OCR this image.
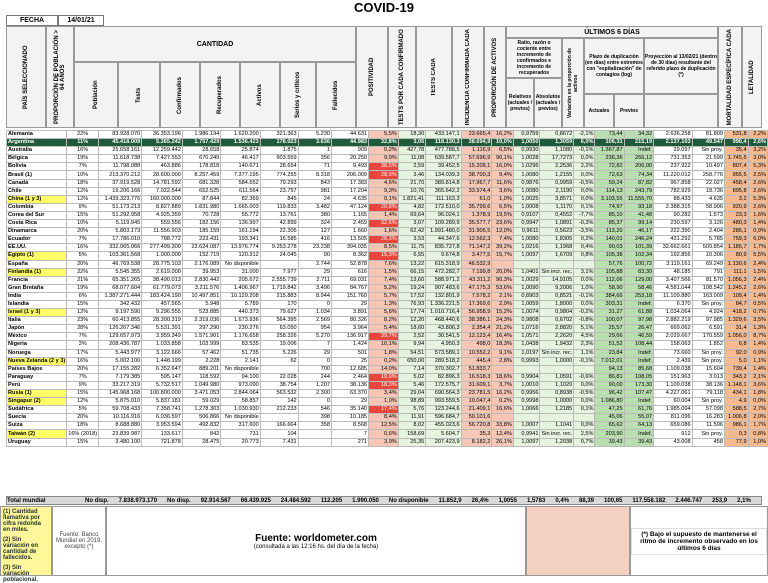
COVID-19
FECHA	14/01/21
PAÍS SELECCIONADO	PROPORCIÓN DE POBLACIÓN > 64 AÑOS
CANTIDAD
Población	Tests	Confirmados	Recuperados	Activos	Serios y críticos	Fallecidos	POSITIVIDAD	TESTS POR CADA CONFIRMADO	TESTS CADA	INCIDENCIA CONFIRMADA CADA	PROPORCIÓN DE ACTIVOS
ÚLTIMOS 6 DÍAS
Ratio, razón o cociente entre incremento de confirmados e incremento de recuperados
Relativos (actuales / previos)
Absolutos (actuales / previos)	Variación en la proporción de activos
Plazo de duplicación (en días) entre extremos con "espitalización" de contagios (log)
Actuales	Previos
Proyección al 13/02/21 (dentro de 30 días) resultante del referido plazo de duplicación (*)	MORTALIDAD ESPECÍFICA CADA	LETALIDAD
Alemania	22%	83.928.070	36.353.196	1.986.194	1.620.200	321.363	5.230	44.631	5,5%	18,30	433.147,1	23.665,4	16,2%	0,9759	0,8672	-2,1%	73,44	34,32	2.636.258	81.809	531,8	2,2%
Argentina	11%	45.418.009	5.365.242	1.757.429	1.536.423	178.023	3.636	44.983	32,8%	3,05	118.130,3	38.694,9	10,0%	1,0050	1,3059	6,0%	106,31	215,19	2.137.103	49.547	990,4	2,6%
Australia	16%	25.658.161	12.259.442	28.658	25.874	1.875	1	909	0,2%	427,78	477.788,5	1.116,9	6,5%	0,9930	1,1080	-0,1%	1.367,87	Indef.	29.097	Sin proy.	35,4	3,2%
Bélgica	19%	11.618.738	7.427.553	670.249	46.417	603.559	356	20.250	9,0%	11,08	639.587,7	57.696,9	90,1%	1,0028	17,7273	0,0%	236,36	266,12	731.353	21.599	1.745,5	3,0%
Bolivia	7%	11.798.088	463.886	178.818	140.671	28.654	71	9.493	38,5%	2,59	39.452,5	15.208,1	16,0%	1,0296	2,2536	2,2%	72,82	206,00	237.922	10.497	807,4	5,3%
Brasil (1)	10%	213.370.212	28.600.000	8.257.459	7.377.195	774.255	8.318	206.009	28,9%	3,46	134.039,3	38.700,3	9,4%	1,0080	1,2155	0,0%	72,63	74,34	11.220.012	258.776	965,5	2,5%
Canadá	18%	37.919.528	14.781.592	681.328	584.652	79.293	843	17.383	4,6%	21,70	389.814,8	17.967,7	11,6%	0,9876	0,9959	-0,5%	59,24	87,82	967.858	22.027	458,4	2,6%
Chile	12%	19.206.166	7.022.544	652.525	611.564	23.757	981	17.204	9,3%	10,76	365.642,2	33.974,4	3,6%	1,0080	2,1190	0,0%	114,13	243,79	782.929	18.736	895,8	2,6%
China (1 y 3)	12%	1.439.323.776	160.000.000	87.844	82.369	845	24	4.635	0,1%	1.821,41	111.163,3	61,0	1,0%	1,0025	3,8571	0,0%	3.103,55	11.555,70	88.433	4.635	3,2	5,3%
Colombia	9%	51.173.213	8.827.889	1.831.980	1.665.003	119.833	3.482	47.124	20,8%	4,82	172.510,0	35.799,6	6,5%	1,0008	1,1170	0,1%	74,97	93,18	2.388.315	58.906	920,9	2,6%
Corea del Sur	15%	51.292.958	4.925.359	70.728	55.772	13.761	380	1.165	1,4%	69,64	96.024,1	1.378,9	19,5%	0,9107	0,4552	-7,7%	85,10	41,48	90.282	1.573	23,3	1,6%
Costa Rica	10%	5.119.945	559.556	182.156	136.997	42.899	324	2.459	32,6%	3,07	109.289,9	35.577,7	23,6%	0,9947	1,0891	-0,3%	85,37	99,14	230.597	3.126	480,3	1,4%
Dinamarca	20%	5.803.173	11.556.903	185.159	161.194	22.305	127	1.660	1,6%	62,42	1.991.480,0	31.906,5	12,0%	0,9611	0,5623	-3,5%	113,20	46,17	222.390	2.404	286,1	0,9%
Ecuador	7%	17.786.010	788.772	223.431	193.341	16.585	416	13.505	28,3%	3,53	44.347,6	12.562,3	7,4%	1,0080	1,8305	0,2%	140,01	246,24	431.292	5.785	759,3	6,0%
EE.UU.	16%	332.065.066	277.499.300	23.624.087	13.976.774	9.253.278	23.238	394.035	8,5%	11,75	835.727,8	71.147,2	39,2%	1,0216	1,1968	0,4%	90,03	101,39	32.662.661	509.854	1.186,7	1,7%
Egipto (1)	5%	103.361.568	1.000.000	152.719	120.312	24.045	90	8.362	15,3%	6,55	9.674,8	3.477,5	15,7%	1,0097	1,6709	0,8%	105,38	102,34	192.856	10.306	80,9	5,5%
España	20%	46.769.538	28.775.103	2.176.089	No disponible		2.744	52.878	7,6%	13,22	615.318,9	46.532,9					57,76	100,72	3.119.161	69.249	1.130,6	2,4%
Finlandia (1)	22%	5.545.355	2.619.000	39.953	31.000	7.977	29	616	1,5%	66,15	472.282,7	7.199,8	20,0%	1,0401	Sin incr. rec.	3,1%	105,88	83,30	48.185	791	111,1	1,5%
Francia	21%	65.351.265	38.490.013	2.830.442	205.672	2.555.739	2.711	69.031	7,4%	13,60	588.971,2	43.311,2	90,3%	1,0029	14,9105	0,0%	112,06	129,00	3.407.566	81.570	1.056,3	2,4%
Gran Bretaña	19%	68.077.604	61.779.073	3.211.576	1.406.967	1.719.842	3.496	84.767	5,2%	19,24	907.483,6	47.175,3	53,6%	1,0090	9,2006	1,0%	58,90	58,46	4.581.044	108.542	1.245,2	2,6%
India	6%	1.387.271.444	183.424.190	10.497.851	10.129.208	215.883	8.944	151.760	5,7%	17,52	132.801,9	7.578,2	2,1%	0,8903	0,8521	-0,1%	384,66	253,18	11.109.880	163.009	109,4	1,4%
Islandia	15%	342.432	457.565	5.948	5.789	170	0	29	1,3%	76,93	1.336.221,5	17.369,6	2,9%	1,0059	1,8000	0,0%	303,31	Indef.	6.370	Sin proy.	84,7	0,5%
Israel (1 y 3)	12%	9.197.590	9.296.555	523.885	440.373	79.627	1.034	3.891	5,6%	17,74	1.010.716,4	56.958,9	15,2%	1,0074	0,9804	-0,2%	31,27	61,88	1.034.064	4.924	418,2	0,7%
Italia	23%	60.413.855	28.300.319	2.319.036	1.673.936	564.395	2.569	80.326	8,2%	12,20	468.440,6	38.386,1	24,3%	0,9808	0,6702	-0,8%	100,07	97,98	2.882.219	97.985	1.329,6	3,5%
Japón	28%	126.267.346	5.531.391	297.290	230.276	63.050	954	3.964	5,4%	18,60	43.806,3	2.354,4	21,2%	1,0716	2,8820	5,1%	25,57	26,47	669.062	6.591	31,4	1,3%
México	7%	129.657.973	3.959.349	1.571.901	1.176.658	258.326	5.270	136.917	39,7%	2,52	30.541,5	12.123,4	16,4%	1,0571	2,2620	4,5%	29,66	46,59	2.029.667	170.559	1.056,0	8,7%
Nigeria	3%	208.436.787	1.033.858	103.999	83.535	19.006	7	1.424	10,1%	9,94	4.950,3	498,0	18,3%	1,0438	1,9432	2,3%	51,52	108,44	158.063	1.852	6,8	1,4%
Noruega	17%	5.443.977	3.122.666	57.462	51.735	5.226	29	501	1,8%	54,51	573.589,1	10.552,2	9,1%	1,0197	Sin incr. rec.	1,1%	23,84	Indef.	73.660	Sin proy.	92,0	0,9%
Nueva Zelanda (2 y 3)	16%	5.002.100	1.448.199	2.228	2.141	62	0	25	0,2%	650,00	289.518,2	445,4	2,8%	0,9993	1,0000	-0,1%	7.012,01	Indef.	2.439	Sin proy.	5,0	1,1%
Países Bajos	20%	17.155.282	6.352.647	889.201	No disponible		700	12.685	14,0%	7,14	370.302,7	51.833,7					94,13	85,68	1.109.038	15.604	739,4	1,4%
Paraguay	7%	7.179.385	595.147	118.592	94.100	22.028	244	2.464	19,9%	5,02	82.896,3	16.518,3	18,6%	0,9904	1,0591	-0,6%	86,81	108,05	151.963	3.013	343,2	2,1%
Perú	9%	33.217.319	5.732.517	1.049.980	973.090	38.754	1.207	38.136	18,3%	5,46	172.575,7	31.609,1	3,7%	1,0010	1,1020	0,0%	90,00	173,30	1.109.038	38.136	1.148,1	3,6%
Rusia (1)	15%	145.968.168	100.800.000	3.471.053	2.844.064	563.532	2.300	63.370	3,4%	29,04	690.564,3	23.781,5	16,2%	0,9956	0,8938	-0,5%	96,42	107,47	4.227.061	79.118	434,1	1,8%
Singapur (2)	12%	5.875.010	5.837.181	59.029	58.857	142	0	29	1,0%	98,89	993.559,5	10.047,4	0,2%	0,9998	1,0000	0,0%	1.086,80	Indef.	60.004	Sin proy.	4,9	0,0%
Sudáfrica	5%	59.708.433	7.358.741	1.278.303	1.030.930	212.233	546	35.140	17,4%	5,76	123.244,6	21.409,1	16,6%	1,0066	1,2185	0,1%	47,25	61,76	1.985.094	57.098	588,5	2,7%
Suecia	20%	10.116.916	6.036.597	506.866	No disponible		398	10.185	8,4%	11,91	596.684,7	50.101,6					45,06	55,07	811.096	16.283	1.006,8	2,0%
Suiza	18%	8.688.880	3.953.594	492.832	317.600	166.664	358	8.568	12,5%	8,02	455.023,6	56.720,8	33,8%	1,0007	1,1041	0,0%	65,62	64,13	659.086	11.596	986,1	1,7%
Taiwán (2)	16% (2018)	23.839.987	133.617	842	731	104		7	0,6%	158,69	5.604,7	35,3	12,4%	0,9941	Sin incr. rec.	2,5%	203,90	Indef.	912	Sin proy.	0,3	0,8%
Uruguay	15%	3.480.100	721.878	28.475	20.773	7.431		271	3,9%	25,35	207.423,9	8.182,2	26,1%	1,0097	1,2038	0,7%	39,43	39,43	43.008	458	77,9	1,0%
Total mundial	No disp. 7.838.973.170 No disp. 92.914.567 66.439.925 24.484.592 112.205 1.990.050 No disponible 11.852,9 26,4% 1,0055 1,5783 0,4% 88,39 100,65 117.558.182 2.446.747 253,9 2,1%

(1) Cantidad llamativa por cifra redonda en miles.

(2) Sin variación en cantidad de fallecidos.

(3) Sin variación poblacional.

Fuente: Banco Mundial en 2019, excepto (*)
Fuente: worldometer.com
(consultada a las 12:16 hs. del día de la fecha)
(*) Bajo el supuesto de mantenerse el ritmo de incremento observado en los últimos 6 días
